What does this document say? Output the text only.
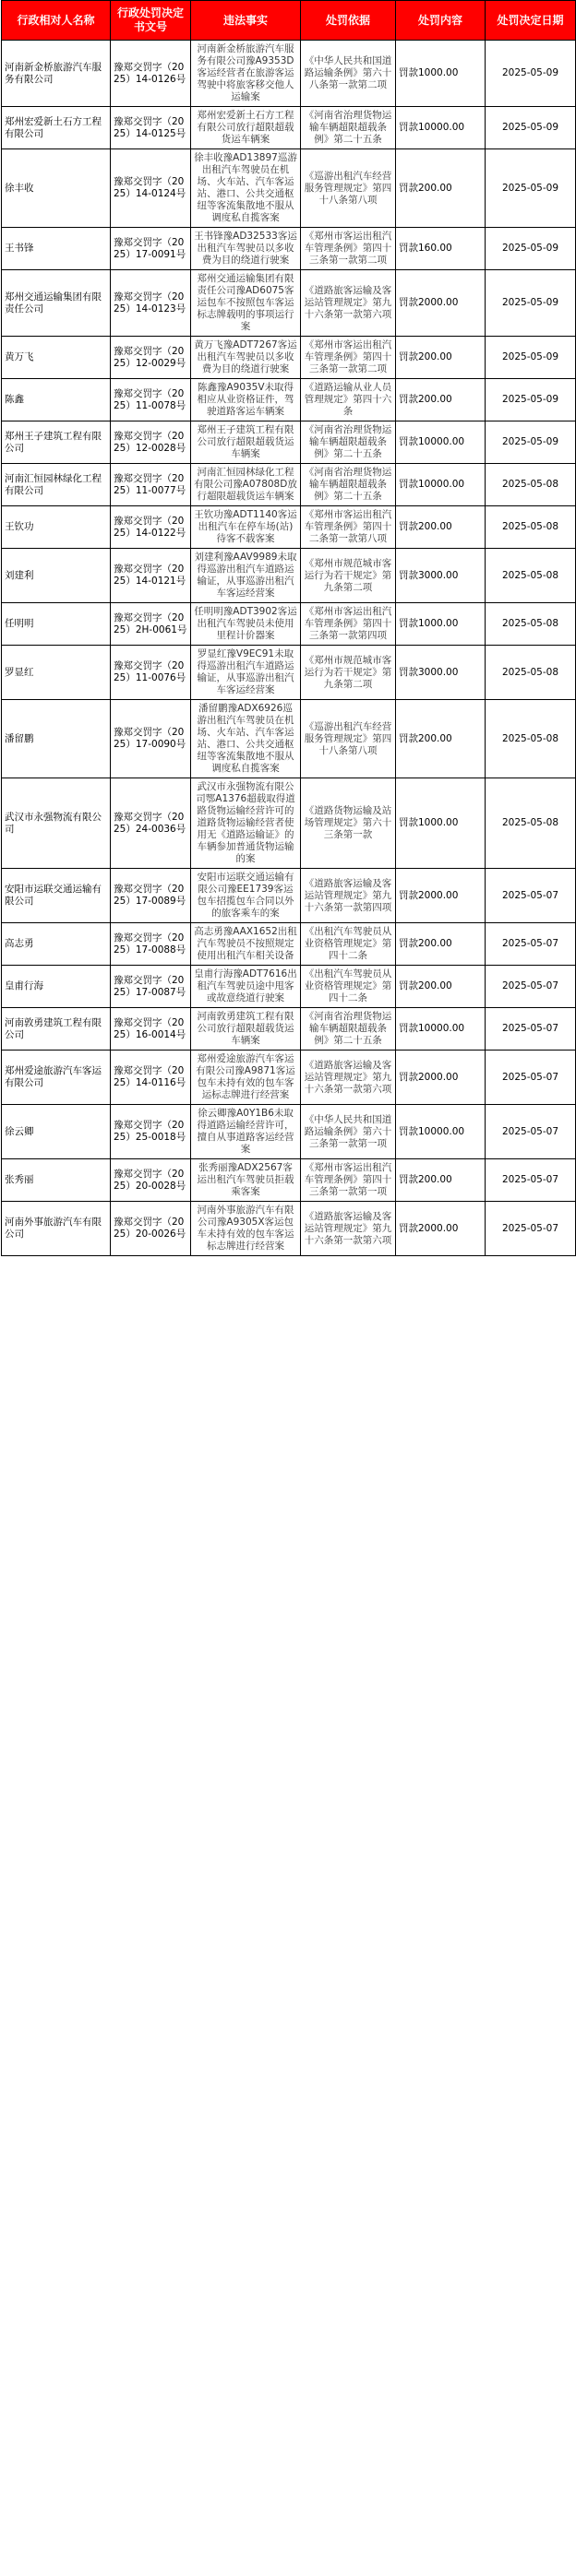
行政相对人名称	行政处罚决定书文号	违法事实	处罚依据	处罚内容	处罚决定日期
河南新金桥旅游汽车服务有限公司	豫郑交罚字（2025）14-0126号	河南新金桥旅游汽车服务有限公司豫A9353D客运经营者在旅游客运驾驶中将旅客移交他人运输案	《中华人民共和国道路运输条例》第六十八条第一款第二项	罚款1000.00	2025-05-09
郑州宏爱新土石方工程有限公司	豫郑交罚字（2025）14-0125号	郑州宏爱新土石方工程有限公司放行超限超载货运车辆案	《河南省治理货物运输车辆超限超载条例》第二十五条	罚款10000.00	2025-05-09
徐丰收	豫郑交罚字（2025）14-0124号	徐丰收豫AD13897巡游出租汽车驾驶员在机场、火车站、汽车客运站、港口、公共交通枢纽等客流集散地不服从调度私自揽客案	《巡游出租汽车经营服务管理规定》第四十八条第八项	罚款200.00	2025-05-09
王书锋	豫郑交罚字（2025）17-0091号	王书锋豫AD32533客运出租汽车驾驶员以多收费为目的绕道行驶案	《郑州市客运出租汽车管理条例》第四十三条第一款第二项	罚款160.00	2025-05-09
郑州交通运输集团有限责任公司	豫郑交罚字（2025）14-0123号	郑州交通运输集团有限责任公司豫AD6075客运包车不按照包车客运标志牌载明的事项运行案	《道路旅客运输及客运站管理规定》第九十六条第一款第六项	罚款2000.00	2025-05-09
黄万飞	豫郑交罚字（2025）12-0029号	黄万飞豫ADT7267客运出租汽车驾驶员以多收费为目的绕道行驶案	《郑州市客运出租汽车管理条例》第四十三条第一款第二项	罚款200.00	2025-05-09
陈鑫	豫郑交罚字（2025）11-0078号	陈鑫豫A9035V未取得相应从业资格证件，驾驶道路客运车辆案	《道路运输从业人员管理规定》第四十六条	罚款200.00	2025-05-09
郑州王子建筑工程有限公司	豫郑交罚字（2025）12-0028号	郑州王子建筑工程有限公司放行超限超载货运车辆案	《河南省治理货物运输车辆超限超载条例》第二十五条	罚款10000.00	2025-05-09
河南汇恒园林绿化工程有限公司	豫郑交罚字（2025）11-0077号	河南汇恒园林绿化工程有限公司豫A07808D放行超限超载货运车辆案	《河南省治理货物运输车辆超限超载条例》第二十五条	罚款10000.00	2025-05-08
王钦功	豫郑交罚字（2025）14-0122号	王钦功豫ADT1140客运出租汽车在停车场(站)待客不载客案	《郑州市客运出租汽车管理条例》第四十二条第一款第八项	罚款200.00	2025-05-08
刘建利	豫郑交罚字（2025）14-0121号	刘建利豫AAV9989未取得巡游出租汽车道路运输证，从事巡游出租汽车客运经营案	《郑州市规范城市客运行为若干规定》第九条第二项	罚款3000.00	2025-05-08
任明明	豫郑交罚字（2025）2H-0061号	任明明豫ADT3902客运出租汽车驾驶员未使用里程计价器案	《郑州市客运出租汽车管理条例》第四十三条第一款第四项	罚款1000.00	2025-05-08
罗显红	豫郑交罚字（2025）11-0076号	罗显红豫V9EC91未取得巡游出租汽车道路运输证，从事巡游出租汽车客运经营案	《郑州市规范城市客运行为若干规定》第九条第二项	罚款3000.00	2025-05-08
潘留鹏	豫郑交罚字（2025）17-0090号	潘留鹏豫ADX6926巡游出租汽车驾驶员在机场、火车站、汽车客运站、港口、公共交通枢纽等客流集散地不服从调度私自揽客案	《巡游出租汽车经营服务管理规定》第四十八条第八项	罚款200.00	2025-05-08
武汉市永强物流有限公司	豫郑交罚字（2025）24-0036号	武汉市永强物流有限公司鄂A1376超载取得道路货物运输经营许可的道路货物运输经营者使用无《道路运输证》的车辆参加普通货物运输的案	《道路货物运输及站场管理规定》第六十三条第一款	罚款1000.00	2025-05-08
安阳市运联交通运输有限公司	豫郑交罚字（2025）17-0089号	安阳市运联交通运输有限公司豫EE1739客运包车招揽包车合同以外的旅客乘车的案	《道路旅客运输及客运站管理规定》第九十六条第一款第四项	罚款2000.00	2025-05-07
高志勇	豫郑交罚字（2025）17-0088号	高志勇豫AAX1652出租汽车驾驶员不按照规定使用出租汽车相关设备	《出租汽车驾驶员从业资格管理规定》第四十二条	罚款200.00	2025-05-07
皇甫行海	豫郑交罚字（2025）17-0087号	皇甫行海豫ADT7616出租汽车驾驶员途中甩客或故意绕道行驶案	《出租汽车驾驶员从业资格管理规定》第四十二条	罚款200.00	2025-05-07
河南敦勇建筑工程有限公司	豫郑交罚字（2025）16-0014号	河南敦勇建筑工程有限公司放行超限超载货运车辆案	《河南省治理货物运输车辆超限超载条例》第二十五条	罚款10000.00	2025-05-07
郑州爱途旅游汽车客运有限公司	豫郑交罚字（2025）14-0116号	郑州爱途旅游汽车客运有限公司豫A9871客运包车未持有效的包车客运标志牌进行经营案	《道路旅客运输及客运站管理规定》第九十六条第一款第六项	罚款2000.00	2025-05-07
徐云卿	豫郑交罚字（2025）25-0018号	徐云卿豫A0Y1B6未取得道路运输经营许可，擅自从事道路客运经营案	《中华人民共和国道路运输条例》第六十三条第一款第一项	罚款10000.00	2025-05-07
张秀丽	豫郑交罚字（2025）20-0028号	张秀丽豫ADX2567客运出租汽车驾驶员拒载乘客案	《郑州市客运出租汽车管理条例》第四十三条第一款第一项	罚款200.00	2025-05-07
河南外事旅游汽车有限公司	豫郑交罚字（2025）20-0026号	河南外事旅游汽车有限公司豫A9305X客运包车未持有效的包车客运标志牌进行经营案	《道路旅客运输及客运站管理规定》第九十六条第一款第六项	罚款2000.00	2025-05-07
